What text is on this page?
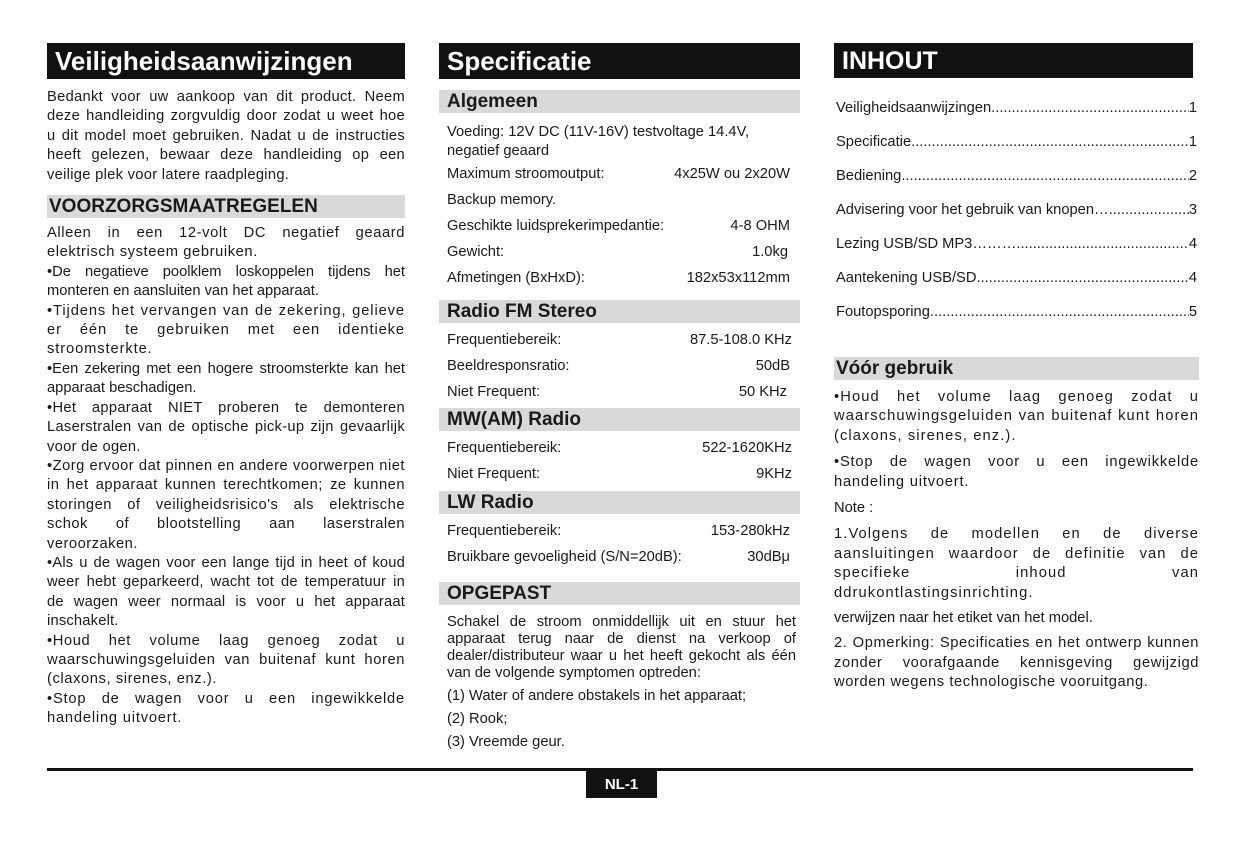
Veiligheidsaanwijzingen

Bedankt voor uw aankoop van dit product. Neem deze handleiding zorgvuldig door zodat u weet hoe u dit model moet gebruiken. Nadat u de instructies heeft gelezen, bewaar deze handleiding op een veilige plek voor latere raadpleging.

VOORZORGSMAATREGELEN

Alleen in een 12-volt DC negatief geaard elektrisch systeem gebruiken.

•De negatieve poolklem loskoppelen tijdens het monteren en aansluiten van het apparaat.

•Tijdens het vervangen van de zekering, gelieve er één te gebruiken met een identieke stroomsterkte.

•Een zekering met een hogere stroomsterkte kan het apparaat beschadigen.

•Het apparaat NIET proberen te demonteren Laserstralen van de optische pick-up zijn gevaarlijk voor de ogen.

•Zorg ervoor dat pinnen en andere voorwerpen niet in het apparaat kunnen terechtkomen; ze kunnen storingen of veiligheidsrisico's als elektrische schok of blootstelling aan laserstralen veroorzaken.

•Als u de wagen voor een lange tijd in heet of koud weer hebt geparkeerd, wacht tot de temperatuur in de wagen weer normaal is voor u het apparaat inschakelt.

•Houd het volume laag genoeg zodat u waarschuwingsgeluiden van buitenaf kunt horen (claxons, sirenes, enz.).

•Stop de wagen voor u een ingewikkelde handeling uitvoert.

Specificatie
Algemeen
Voeding: 12V DC (11V-16V) testvoltage 14.4V, negatief geaard
Maximum stroomoutput:	4x25W ou 2x20W
Backup memory.
Geschikte luidsprekerimpedantie:	4-8 OHM
Gewicht:	1.0kg
Afmetingen (BxHxD):	182x53x112mm
Radio FM Stereo
Frequentiebereik:	87.5-108.0 KHz
Beeldresponsratio:	50dB
Niet Frequent:	50 KHz
MW(AM) Radio
Frequentiebereik:	522-1620KHz
Niet Frequent:	9KHz
LW Radio
Frequentiebereik:	153-280kHz
Bruikbare gevoeligheid (S/N=20dB):	30dBμ
OPGEPAST
Schakel de stroom onmiddellijk uit en stuur het apparaat terug naar de dienst na verkoop of dealer/distributeur waar u het heeft gekocht als één van de volgende symptomen optreden:
(1) Water of andere obstakels in het apparaat;
(2) Rook;
(3) Vreemde geur.
INHOUT
Veiligheidsaanwijzingen .....	1
Specificatie .....	1
Bediening .....	2
Advisering voor het gebruik van knopen… .....	3
Lezing USB/SD MP3……… .....	4
Aantekening USB/SD .....	4
Foutopsporing .....	5
Vóór gebruik

•Houd het volume laag genoeg zodat u waarschuwingsgeluiden van buitenaf kunt horen (claxons, sirenes, enz.).

•Stop de wagen voor u een ingewikkelde handeling uitvoert.

Note :

1.Volgens de modellen en de diverse aansluitingen waardoor de definitie van de specifieke inhoud van ddrukontlastingsinrichting.

verwijzen naar het etiket van het model.

2. Opmerking: Specificaties en het ontwerp kunnen zonder voorafgaande kennisgeving gewijzigd worden wegens technologische vooruitgang.

NL-1
